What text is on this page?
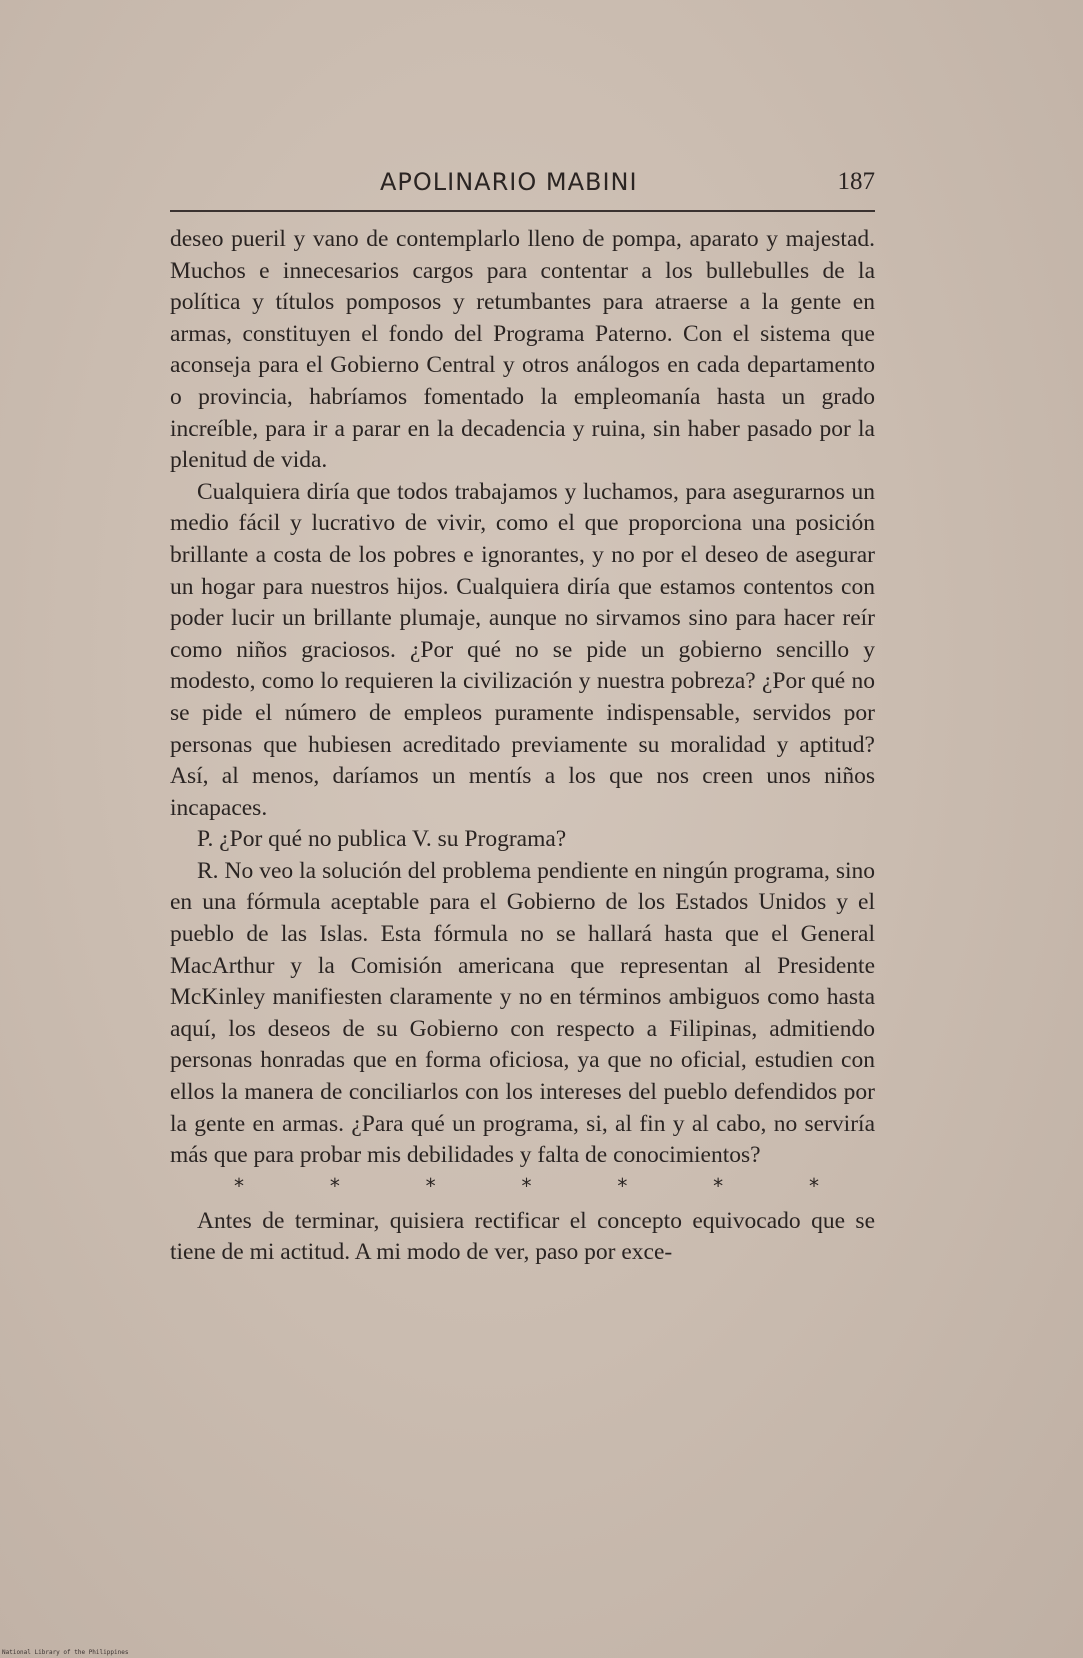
APOLINARIO MABINI	187

deseo pueril y vano de contemplarlo lleno de pompa, aparato y majestad. Muchos e innecesarios cargos para contentar a los bullebulles de la política y títulos pomposos y retumbantes para atraerse a la gente en armas, constituyen el fondo del Programa Paterno. Con el sistema que aconseja para el Gobierno Central y otros análogos en cada departamento o provincia, habríamos fomentado la empleomanía hasta un grado increíble, para ir a parar en la decadencia y ruina, sin haber pasado por la plenitud de vida.

Cualquiera diría que todos trabajamos y luchamos, para asegurarnos un medio fácil y lucrativo de vivir, como el que proporciona una posición brillante a costa de los pobres e ignorantes, y no por el deseo de asegurar un hogar para nuestros hijos. Cualquiera diría que estamos contentos con poder lucir un brillante plumaje, aunque no sirvamos sino para hacer reír como niños graciosos. ¿Por qué no se pide un gobierno sencillo y modesto, como lo requieren la civilización y nuestra pobreza? ¿Por qué no se pide el número de empleos puramente indispensable, servidos por personas que hubiesen acreditado previamente su moralidad y aptitud? Así, al menos, daríamos un mentís a los que nos creen unos niños incapaces.

P. ¿Por qué no publica V. su Programa?

R. No veo la solución del problema pendiente en ningún programa, sino en una fórmula aceptable para el Gobierno de los Estados Unidos y el pueblo de las Islas. Esta fórmula no se hallará hasta que el General MacArthur y la Comisión americana que representan al Presidente McKinley manifiesten claramente y no en términos ambiguos como hasta aquí, los deseos de su Gobierno con respecto a Filipinas, admitiendo personas honradas que en forma oficiosa, ya que no oficial, estudien con ellos la manera de conciliarlos con los intereses del pueblo defendidos por la gente en armas. ¿Para qué un programa, si, al fin y al cabo, no serviría más que para probar mis debilidades y falta de conocimientos?

*	*	*	*	*	*	*

Antes de terminar, quisiera rectificar el concepto equivocado que se tiene de mi actitud. A mi modo de ver, paso por exce-

National Library of the Philippines
